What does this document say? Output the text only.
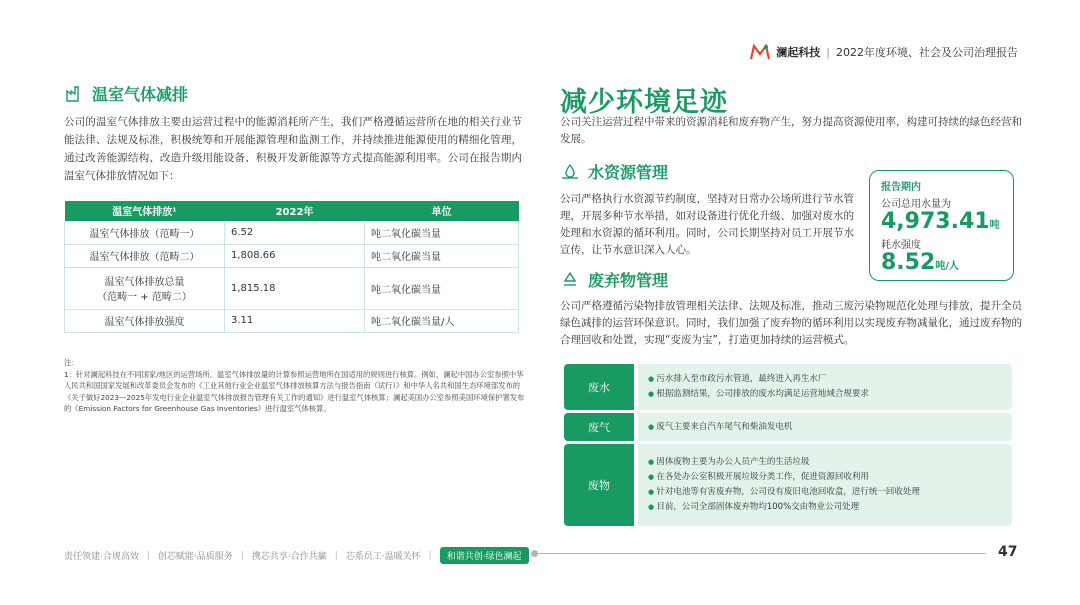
澜起科技 | 2022年度环境、社会及公司治理报告
温室气体减排
公司的温室气体排放主要由运营过程中的能源消耗所产生，我们严格遵循运营所在地的相关行业节能法律、法规及标准，积极统筹和开展能源管理和监测工作，并持续推进能源使用的精细化管理，通过改善能源结构、改造升级用能设备、积极开发新能源等方式提高能源利用率。公司在报告期内温室气体排放情况如下：
温室气体排放¹	2022年	单位
温室气体排放（范畴一）	6.52	吨二氧化碳当量
温室气体排放（范畴二）	1,808.66	吨二氧化碳当量
温室气体排放总量
（范畴一 + 范畴二）	1,815.18	吨二氧化碳当量
温室气体排放强度	3.11	吨二氧化碳当量/人
注：
1：针对澜起科技在不同国家/地区的运营场所，温室气体排放量的计算参照运营地所在国适用的规则进行核算。例如，澜起中国办公室参照中华人民共和国国家发展和改革委员会发布的《工业其他行业企业温室气体排放核算方法与报告指南（试行）》和中华人名共和国生态环境部发布的《关于做好2023—2025年发电行业企业温室气体排放报告管理有关工作的通知》进行温室气体核算；澜起美国办公室参照美国环境保护署发布的《Emission Factors for Greenhouse Gas Inventories》进行温室气体核算。
减少环境足迹
公司关注运营过程中带来的资源消耗和废弃物产生，努力提高资源使用率，构建可持续的绿色经营和发展。
水资源管理
公司严格执行水资源节约制度，坚持对日常办公场所进行节水管理，开展多种节水举措，如对设备进行优化升级、加强对废水的处理和水资源的循环利用。同时，公司长期坚持对员工开展节水宣传，让节水意识深入人心。
报告期内
公司总用水量为
4,973.41吨
耗水强度
8.52吨/人
废弃物管理
公司严格遵循污染物排放管理相关法律、法规及标准，推动三废污染物规范化处理与排放，提升全员绿色减排的运营环保意识。同时，我们加强了废弃物的循环利用以实现废弃物减量化，通过废弃物的合理回收和处置，实现“变废为宝”，打造更加持续的运营模式。
废水
● 污水排入至市政污水管道，最终进入再生水厂
● 根据监测结果，公司排放的废水均满足运营地域合规要求
废气	● 废气主要来自汽车尾气和柴油发电机
废物
● 固体废物主要为办公人员产生的生活垃圾
● 在各处办公室积极开展垃圾分类工作，促进资源回收利用
● 针对电池等有害废弃物，公司设有废旧电池回收盒，进行统一回收处理
● 目前，公司全部固体废弃物均100%交由物业公司处理
责任领建·合规高效 | 创芯赋能·品质服务 | 携芯共享·合作共赢 | 芯系员工·温暖关怀 |	和谐共创·绿色澜起	47
